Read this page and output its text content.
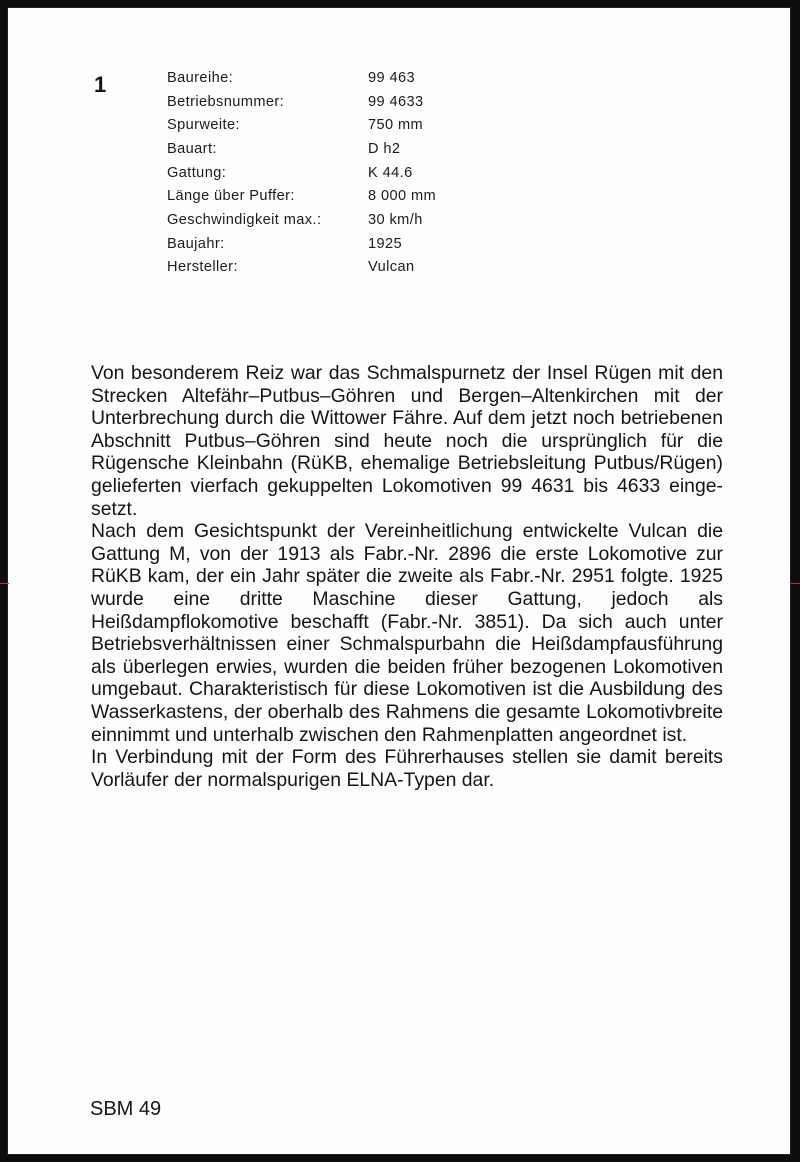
1	Baureihe:	99 463
Betriebsnummer:	99 4633
Spurweite:	750 mm
Bauart:	D h2
Gattung:	K 44.6
Länge über Puffer:	8 000 mm
Geschwindigkeit max.:	30 km/h
Baujahr:	1925
Hersteller:	Vulcan

Von besonderem Reiz war das Schmalspurnetz der Insel Rügen mit den Strecken Altefähr–Putbus–Göhren und Bergen–Altenkirchen mit der Unterbrechung durch die Wittower Fähre. Auf dem jetzt noch betriebenen Abschnitt Putbus–Göhren sind heute noch die ursprünglich für die Rügensche Kleinbahn (RüKB, ehemalige Betriebsleitung Putbus/Rügen) gelieferten vierfach gekuppelten Lokomotiven 99 4631 bis 4633 eingesetzt.

Nach dem Gesichtspunkt der Vereinheitlichung entwickelte Vulcan die Gattung M, von der 1913 als Fabr.-Nr. 2896 die erste Lokomotive zur RüKB kam, der ein Jahr später die zweite als Fabr.-Nr. 2951 folgte. 1925 wurde eine dritte Maschine dieser Gattung, jedoch als Heißdampflokomotive beschafft (Fabr.-Nr. 3851). Da sich auch unter Betriebsverhältnissen einer Schmalspurbahn die Heißdampfausführung als überlegen erwies, wurden die beiden früher bezogenen Lokomotiven umgebaut. Charakteristisch für diese Lokomotiven ist die Ausbildung des Wasserkastens, der oberhalb des Rahmens die gesamte Lokomotivbreite einnimmt und unterhalb zwischen den Rahmenplatten angeordnet ist.

In Verbindung mit der Form des Führerhauses stellen sie damit bereits Vorläufer der normalspurigen ELNA-Typen dar.

SBM 49
